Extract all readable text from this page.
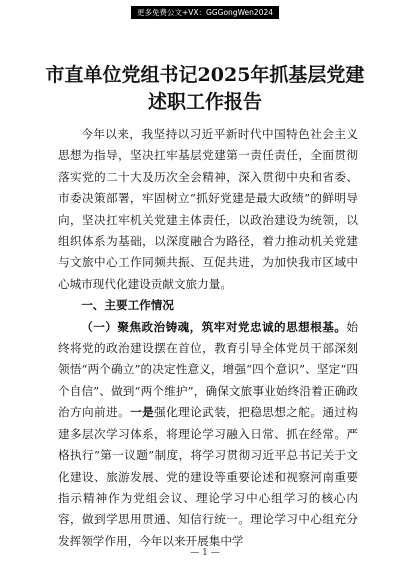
更多免费公文+VX：GGGongWen2024
市直单位党组书记2025年抓基层党建述职工作报告

今年以来，我坚持以习近平新时代中国特色社会主义思想为指导，坚决扛牢基层党建第一责任责任，全面贯彻落实党的二十大及历次全会精神，深入贯彻中央和省委、市委决策部署，牢固树立“抓好党建是最大政绩”的鲜明导向，坚决扛牢机关党建主体责任，以政治建设为统领，以组织体系为基础，以深度融合为路径，着力推动机关党建与文旅中心工作同频共振、互促共进，为加快我市区域中心城市现代化建设贡献文旅力量。

一、主要工作情况

（一）聚焦政治铸魂，筑牢对党忠诚的思想根基。始终将党的政治建设摆在首位，教育引导全体党员干部深刻领悟“两个确立”的决定性意义，增强“四个意识”、坚定“四个自信”、做到“两个维护”，确保文旅事业始终沿着正确政治方向前进。一是强化理论武装，把稳思想之舵。通过构建多层次学习体系，将理论学习融入日常、抓在经常。严格执行“第一议题”制度，将学习贯彻习近平总书记关于文化建设、旅游发展、党的建设等重要论述和视察河南重要指示精神作为党组会议、理论学习中心组学习的核心内容，做到学思用贯通、知信行统一。理论学习中心组充分发挥领学作用，今年以来开展集中学

— 1 —
